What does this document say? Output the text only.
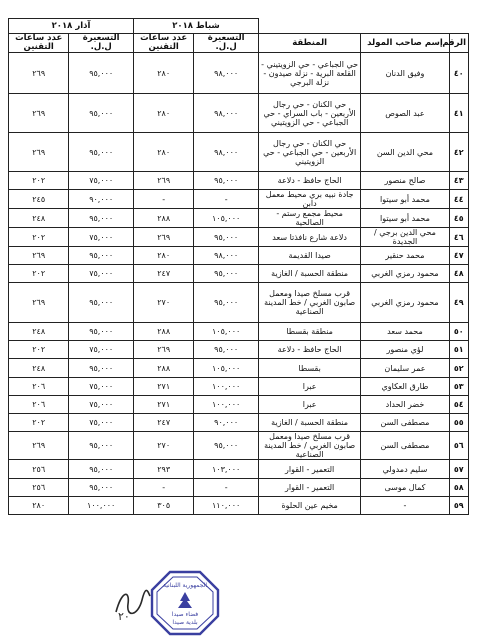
			شباط ٢٠١٨		آذار ٢٠١٨	
الرقم	إسم صاحب المولد	المنطقة	التسعيرة ل.ل.	عدد ساعات التقنين	التسعيرة ل.ل.	عدد ساعات التقنين
٤٠	وفيق الدنان	حي الجباعي - حي الزويتيني - القلعة البرية - نزلة صيدون - نزلة البرجي	٩٨,٠٠٠	٢٨٠	٩٥,٠٠٠	٢٦٩
٤١	عبد الصوص	حي الكنان - حي رجال الأربعين - باب السراي - حي الجباعي - حي الزويتيني	٩٨,٠٠٠	٢٨٠	٩٥,٠٠٠	٢٦٩
٤٢	محي الدين السن	حي الكنان - حي رجال الأربعين - حي الجباعي - حي الزويتيني	٩٨,٠٠٠	٢٨٠	٩٥,٠٠٠	٢٦٩
٤٣	صالح منصور	الحاج حافظ - دلاعة	٩٥,٠٠٠	٢٦٩	٧٥,٠٠٠	٢٠٢
٤٤	محمد أبو سيتوا	جادة نبيه بري محيط معمل دابن	-	-	٩٠,٠٠٠	٢٤٥
٤٥	محمد أبو سيتوا	محيط مجمع رستم - الصالحية	١٠٥,٠٠٠	٢٨٨	٩٥,٠٠٠	٢٤٨
٤٦	محي الدين برجي / الجديدة	دلاعة شارع نافذتا سعد	٩٥,٠٠٠	٢٦٩	٧٥,٠٠٠	٢٠٢
٤٧	محمد حنقير	صيدا القديمة	٩٨,٠٠٠	٢٨٠	٩٥,٠٠٠	٢٦٩
٤٨	محمود رمزي الغربي	منطقة الحسبة / الغازية	٩٥,٠٠٠	٢٤٧	٧٥,٠٠٠	٢٠٢
٤٩	محمود رمزي الغربي	قرب مسلخ صيدا ومعمل صابون الغربي / خط المدينة الصناعية	٩٥,٠٠٠	٢٧٠	٩٥,٠٠٠	٢٦٩
٥٠	محمد سعد	منطقة بقسطا	١٠٥,٠٠٠	٢٨٨	٩٥,٠٠٠	٢٤٨
٥١	لؤي منصور	الحاج حافظ - دلاعة	٩٥,٠٠٠	٢٦٩	٧٥,٠٠٠	٢٠٢
٥٢	عمر سليمان	بقسطا	١٠٥,٠٠٠	٢٨٨	٩٥,٠٠٠	٢٤٨
٥٣	طارق العكاوي	عبرا	١٠٠,٠٠٠	٢٧١	٧٥,٠٠٠	٢٠٦
٥٤	خضر الحداد	عبرا	١٠٠,٠٠٠	٢٧١	٧٥,٠٠٠	٢٠٦
٥٥	مصطفى السن	منطقة الحسبة / الغازية	٩٠,٠٠٠	٢٤٧	٧٥,٠٠٠	٢٠٢
٥٦	مصطفى السن	قرب مسلخ صيدا ومعمل صابون الغربي / خط المدينة الصناعية	٩٥,٠٠٠	٢٧٠	٩٥,٠٠٠	٢٦٩
٥٧	سليم دمدولي	التعمير - القوار	١٠٣,٠٠٠	٢٩٣	٩٥,٠٠٠	٢٥٦
٥٨	كمال موسى	التعمير - القوار	-	-	٩٥,٠٠٠	٢٥٦
٥٩	-	مخيم عين الحلوة	١١٠,٠٠٠	٣٠٥	١٠٠,٠٠٠	٢٨٠
٢٠
الجمهورية اللبنانية
فضاء صيدا
بلدية صيدا
